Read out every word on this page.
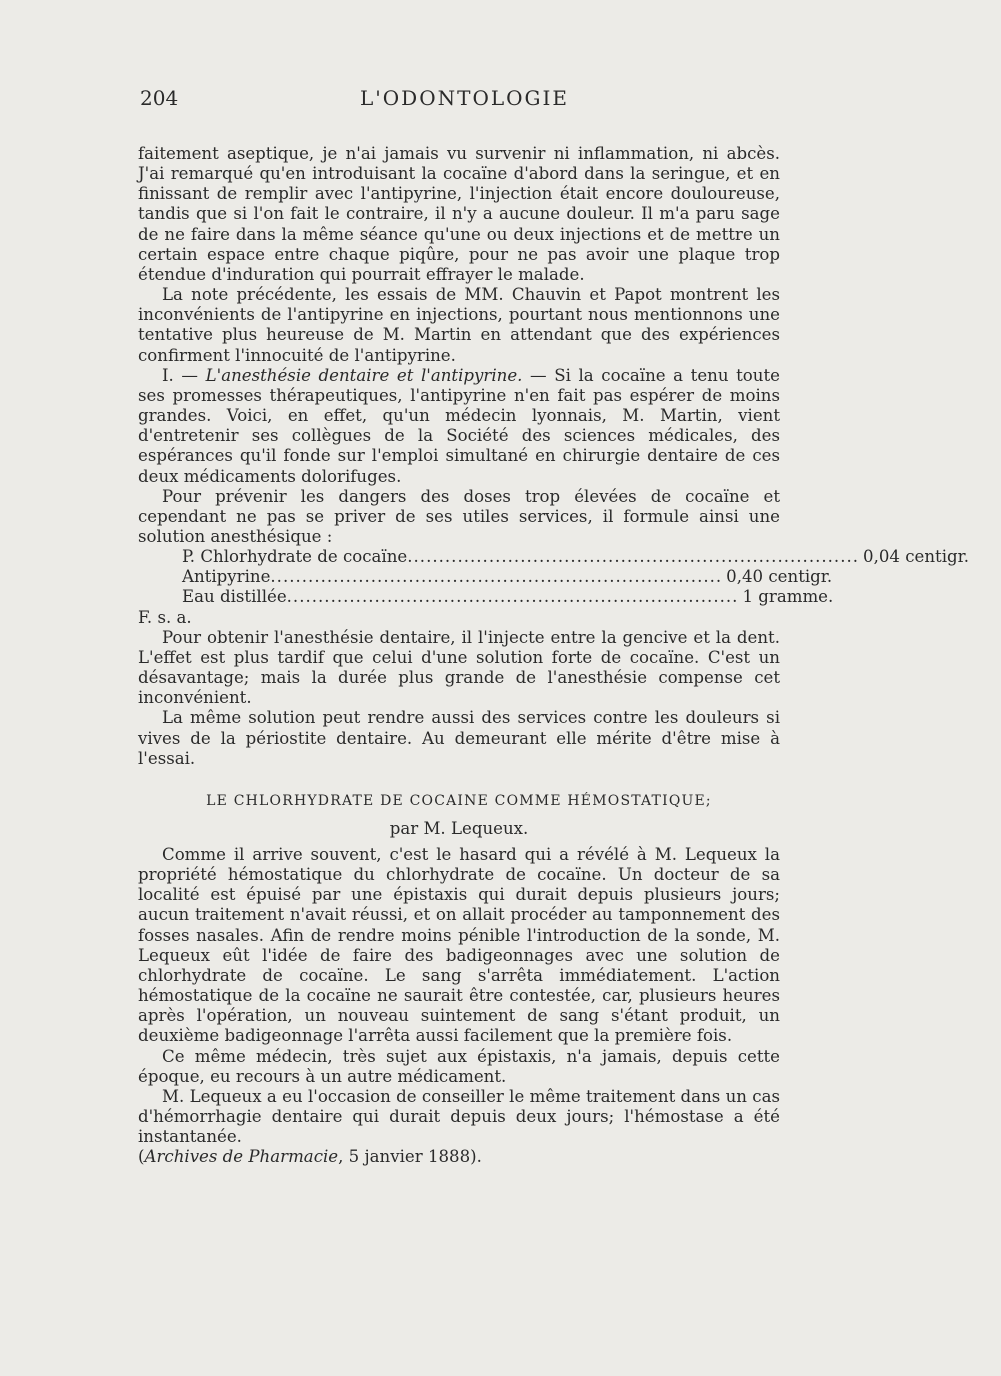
204	L'ODONTOLOGIE

faitement aseptique, je n'ai jamais vu survenir ni inflammation, ni abcès. J'ai remarqué qu'en introduisant la cocaïne d'abord dans la seringue, et en finissant de remplir avec l'antipyrine, l'injection était encore douloureuse, tandis que si l'on fait le contraire, il n'y a aucune douleur. Il m'a paru sage de ne faire dans la même séance qu'une ou deux injections et de mettre un certain espace entre chaque piqûre, pour ne pas avoir une plaque trop étendue d'induration qui pourrait effrayer le malade.

La note précédente, les essais de MM. Chauvin et Papot montrent les inconvénients de l'antipyrine en injections, pourtant nous mentionnons une tentative plus heureuse de M. Martin en attendant que des expériences confirment l'innocuité de l'antipyrine.

I. — L'anesthésie dentaire et l'antipyrine. — Si la cocaïne a tenu toute ses promesses thérapeutiques, l'antipyrine n'en fait pas espérer de moins grandes. Voici, en effet, qu'un médecin lyonnais, M. Martin, vient d'entretenir ses collègues de la Société des sciences médicales, des espérances qu'il fonde sur l'emploi simultané en chirurgie dentaire de ces deux médicaments dolorifuges.

Pour prévenir les dangers des doses trop élevées de cocaïne et cependant ne pas se priver de ses utiles services, il formule ainsi une solution anesthésique :

P. Chlorhydrate de cocaïne ........................................................................ 0,04 centigr.
Antipyrine ........................................................................ 0,40 centigr.
Eau distillée ........................................................................ 1 gramme.

F. s. a.

Pour obtenir l'anesthésie dentaire, il l'injecte entre la gencive et la dent. L'effet est plus tardif que celui d'une solution forte de cocaïne. C'est un désavantage; mais la durée plus grande de l'anesthésie compense cet inconvénient.

La même solution peut rendre aussi des services contre les douleurs si vives de la périostite dentaire. Au demeurant elle mérite d'être mise à l'essai.

LE CHLORHYDRATE DE COCAINE COMME HÉMOSTATIQUE;
par M. Lequeux.

Comme il arrive souvent, c'est le hasard qui a révélé à M. Lequeux la propriété hémostatique du chlorhydrate de cocaïne. Un docteur de sa localité est épuisé par une épistaxis qui durait depuis plusieurs jours; aucun traitement n'avait réussi, et on allait procéder au tamponnement des fosses nasales. Afin de rendre moins pénible l'introduction de la sonde, M. Lequeux eût l'idée de faire des badigeonnages avec une solution de chlorhydrate de cocaïne. Le sang s'arrêta immédiatement. L'action hémostatique de la cocaïne ne saurait être contestée, car, plusieurs heures après l'opération, un nouveau suintement de sang s'étant produit, un deuxième badigeonnage l'arrêta aussi facilement que la première fois.

Ce même médecin, très sujet aux épistaxis, n'a jamais, depuis cette époque, eu recours à un autre médicament.

M. Lequeux a eu l'occasion de conseiller le même traitement dans un cas d'hémorrhagie dentaire qui durait depuis deux jours; l'hémostase a été instantanée.

(Archives de Pharmacie, 5 janvier 1888).
